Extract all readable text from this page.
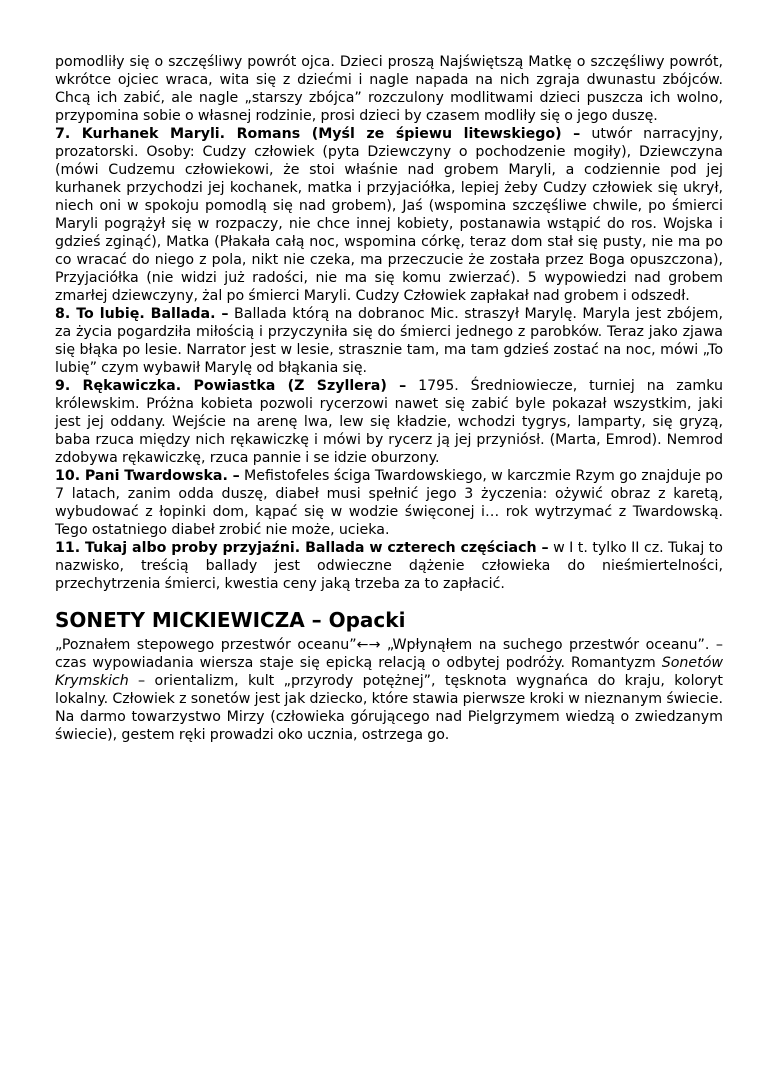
pomodliły się o szczęśliwy powrót ojca. Dzieci proszą Najświętszą Matkę o szczęśliwy powrót, wkrótce ojciec wraca, wita się z dziećmi i nagle napada na nich zgraja dwunastu zbójców. Chcą ich zabić, ale nagle „starszy zbójca” rozczulony modlitwami dzieci puszcza ich wolno, przypomina sobie o własnej rodzinie, prosi dzieci by czasem modliły się o jego duszę.

7. Kurhanek Maryli. Romans (Myśl ze śpiewu litewskiego) – utwór narracyjny, prozatorski. Osoby: Cudzy człowiek (pyta Dziewczyny o pochodzenie mogiły), Dziewczyna (mówi Cudzemu człowiekowi, że stoi właśnie nad grobem Maryli, a codziennie pod jej kurhanek przychodzi jej kochanek, matka i przyjaciółka, lepiej żeby Cudzy człowiek się ukrył, niech oni w spokoju pomodlą się nad grobem), Jaś (wspomina szczęśliwe chwile, po śmierci Maryli pogrążył się w rozpaczy, nie chce innej kobiety, postanawia wstąpić do ros. Wojska i gdzieś zginąć), Matka (Płakała całą noc, wspomina córkę, teraz dom stał się pusty, nie ma po co wracać do niego z pola, nikt nie czeka, ma przeczucie że została przez Boga opuszczona), Przyjaciółka (nie widzi już radości, nie ma się komu zwierzać). 5 wypowiedzi nad grobem zmarłej dziewczyny, żal po śmierci Maryli. Cudzy Człowiek zapłakał nad grobem i odszedł.

8. To lubię. Ballada. – Ballada którą na dobranoc Mic. straszył Marylę. Maryla jest zbójem, za życia pogardziła miłością i przyczyniła się do śmierci jednego z parobków. Teraz jako zjawa się błąka po lesie. Narrator jest w lesie, strasznie tam, ma tam gdzieś zostać na noc, mówi „To lubię” czym wybawił Marylę od błąkania się.

9. Rękawiczka. Powiastka (Z Szyllera) – 1795. Średniowiecze, turniej na zamku królewskim. Próżna kobieta pozwoli rycerzowi nawet się zabić byle pokazał wszystkim, jaki jest jej oddany. Wejście na arenę lwa, lew się kładzie, wchodzi tygrys, lamparty, się gryzą, baba rzuca między nich rękawiczkę i mówi by rycerz ją jej przyniósł. (Marta, Emrod). Nemrod zdobywa rękawiczkę, rzuca pannie i se idzie oburzony.

10. Pani Twardowska. – Mefistofeles ściga Twardowskiego, w karczmie Rzym go znajduje po 7 latach, zanim odda duszę, diabeł musi spełnić jego 3 życzenia: ożywić obraz z karetą, wybudować z łopinki dom, kąpać się w wodzie święconej i… rok wytrzymać z Twardowską. Tego ostatniego diabeł zrobić nie może, ucieka.

11. Tukaj albo proby przyjaźni. Ballada w czterech częściach – w I t. tylko II cz. Tukaj to nazwisko, treścią ballady jest odwieczne dążenie człowieka do nieśmiertelności, przechytrzenia śmierci, kwestia ceny jaką trzeba za to zapłacić.

SONETY MICKIEWICZA – Opacki

„Poznałem stepowego przestwór oceanu”←→ „Wpłynąłem na suchego przestwór oceanu”. – czas wypowiadania wiersza staje się epicką relacją o odbytej podróży. Romantyzm Sonetów Krymskich – orientalizm, kult „przyrody potężnej”, tęsknota wygnańca do kraju, koloryt lokalny. Człowiek z sonetów jest jak dziecko, które stawia pierwsze kroki w nieznanym świecie. Na darmo towarzystwo Mirzy (człowieka górującego nad Pielgrzymem wiedzą o zwiedzanym świecie), gestem ręki prowadzi oko ucznia, ostrzega go.
